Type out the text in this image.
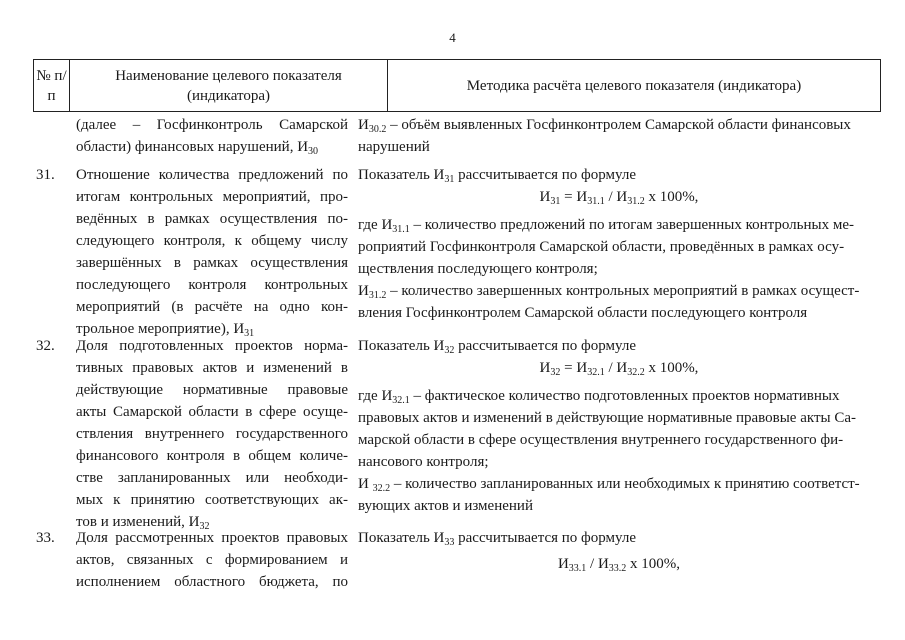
4
№ п/п
Наименование целевого показателя (индикатора)
Методика расчёта целевого показателя (индикатора)
(далее – Госфинконтроль Самарской
области) финансовых нарушений, $И_{30}$
$И_{30.2}$ – объём выявленных Госфинконтролем Самарской области финансовых
нарушений
31. Отношение количества предложений по
итогам контрольных мероприятий, про-
ведённых в рамках осуществления по-
следующего контроля, к общему числу
завершённых в рамках осуществления
последующего контроля контрольных
мероприятий (в расчёте на одно кон-
трольное мероприятие), $И_{31}$
Показатель $И_{31}$ рассчитывается по формуле
$И_{31} = И_{31.1} / И_{31.2}$ х 100%,
где $И_{31.1}$ – количество предложений по итогам завершенных контрольных ме-
роприятий Госфинконтроля Самарской области, проведённых в рамках осу-
ществления последующего контроля;
$И_{31.2}$ – количество завершенных контрольных мероприятий в рамках осущест-
вления Госфинконтролем Самарской области последующего контроля
32. Доля подготовленных проектов норма-
тивных правовых актов и изменений в
действующие нормативные правовые
акты Самарской области в сфере осуще-
ствления внутреннего государственного
финансового контроля в общем количе-
стве запланированных или необходи-
мых к принятию соответствующих ак-
тов и изменений, $И_{32}$
Показатель $И_{32}$ рассчитывается по формуле
$И_{32} = И_{32.1} / И_{32.2}$ х 100%,
где $И_{32.1}$ – фактическое количество подготовленных проектов нормативных
правовых актов и изменений в действующие нормативные правовые акты Са-
марской области в сфере осуществления внутреннего государственного фи-
нансового контроля;
И $_{32.2}$ – количество запланированных или необходимых к принятию соответст-
вующих актов и изменений
33. Доля рассмотренных проектов правовых
актов, связанных с формированием и
исполнением областного бюджета, по
Показатель $И_{33}$ рассчитывается по формуле
$И_{33.1} / И_{33.2}$ х 100%,
